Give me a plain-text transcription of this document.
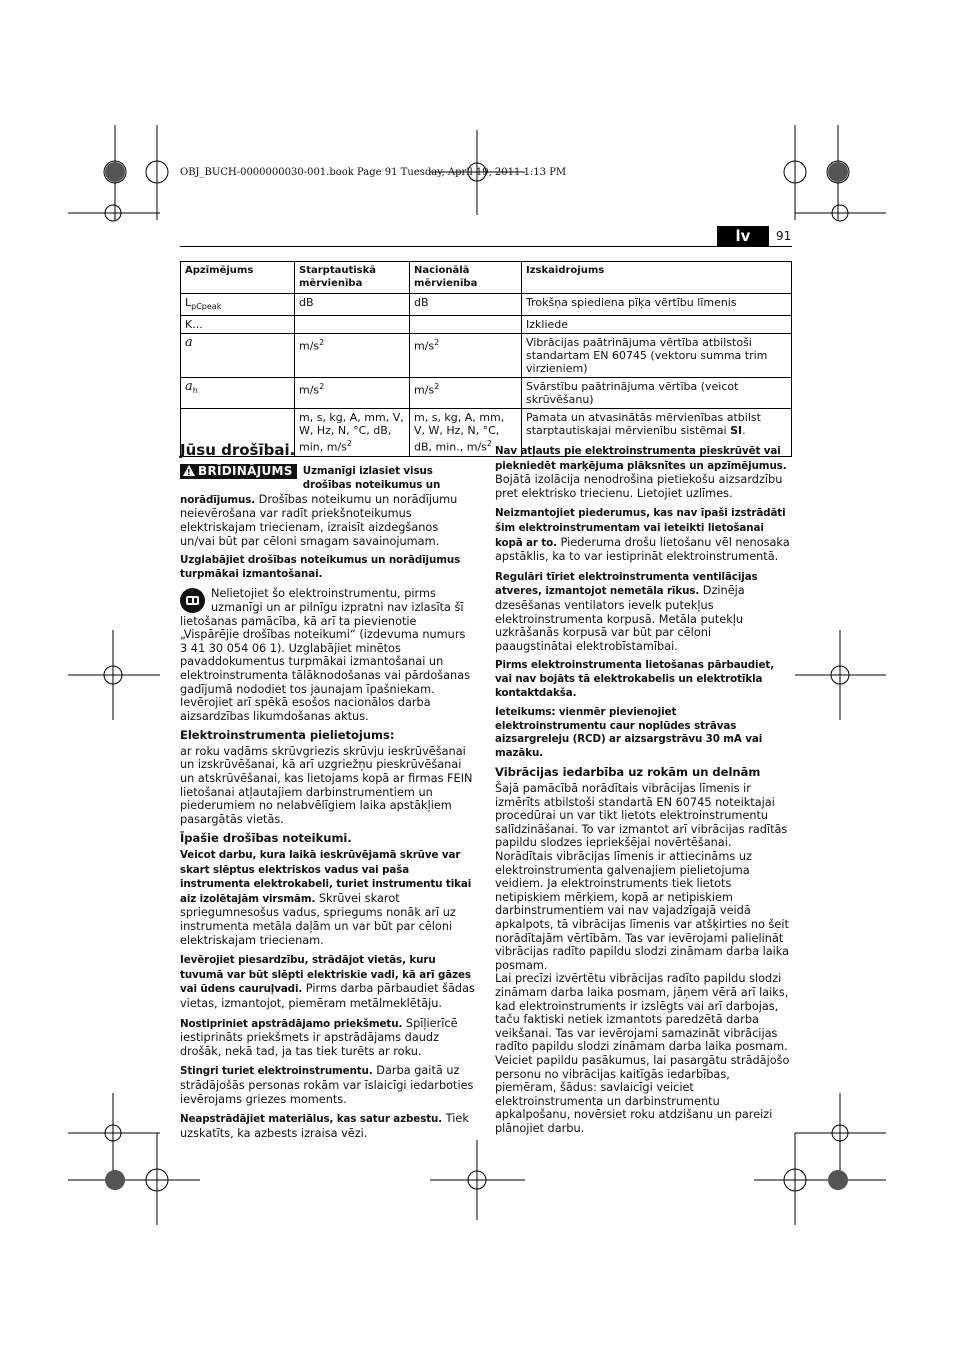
OBJ_BUCH-0000000030-001.book Page 91 Tuesday, April 19, 2011 1:13 PM
lv	91
Apzīmējums	Starptautiskā mērvienība	Nacionālā mērvienība	Izskaidrojums
$L_{pCpeak}$	dB	dB	Trokšņa spiediena pīķa vērtību līmenis
K...			Izkliede
a	$m/s^2$	$m/s^2$	Vibrācijas paātrinājuma vērtība atbilstoši standartam EN 60745 (vektoru summa trim virzieniem)
$a_h$	$m/s^2$	$m/s^2$	Svārstību paātrinājuma vērtība (veicot skrūvēšanu)
	m, s, kg, A, mm, V, W, Hz, N, °C, dB, min, $m/s^2$	m, s, kg, A, mm, V, W, Hz, N, °C, dB, min., $m/s^2$	Pamata un atvasinātās mērvienības atbilst starptautiskajai mērvienību sistēmai SI.
Jūsu drošībai.

!BRĪDINĀJUMS Uzmanīgi izlasiet visus drošības noteikumus un norādījumus. Drošības noteikumu un norādījumu neievērošana var radīt priekšnoteikumus elektriskajam triecienam, izraisīt aizdegšanos un/vai būt par cēloni smagam savainojumam.

Uzglabājiet drošības noteikumus un norādījumus turpmākai izmantošanai.

Nelietojiet šo elektroinstrumentu, pirms uzmanīgi un ar pilnīgu izpratni nav izlasīta šī lietošanas pamācība, kā arī ta pievienotie „Vispārējie drošības noteikumi“ (izdevuma numurs 3 41 30 054 06 1). Uzglabājiet minētos pavaddokumentus turpmākai izmantošanai un elektroinstrumenta tālāknodošanas vai pārdošanas gadījumā nododiet tos jaunajam īpašniekam. Ievērojiet arī spēkā esošos nacionālos darba aizsardzības likumdošanas aktus.

Elektroinstrumenta pielietojums:

ar roku vadāms skrūvgriezis skrūvju ieskrūvēšanai un izskrūvēšanai, kā arī uzgriežņu pieskrūvēšanai un atskrūvēšanai, kas lietojams kopā ar firmas FEIN lietošanai atļautajiem darbinstrumentiem un piederumiem no nelabvēlīgiem laika apstākļiem pasargātās vietās.

Īpašie drošības noteikumi.

Veicot darbu, kura laikā ieskrūvējamā skrūve var skart slēptus elektriskos vadus vai paša instrumenta elektrokabeli, turiet instrumentu tikai aiz izolētajām virsmām. Skrūvei skarot spriegumnesošus vadus, spriegums nonāk arī uz instrumenta metāla daļām un var būt par cēloni elektriskajam triecienam.

Ievērojiet piesardzību, strādājot vietās, kuru tuvumā var būt slēpti elektriskie vadi, kā arī gāzes vai ūdens cauruļvadi. Pirms darba pārbaudiet šādas vietas, izmantojot, piemēram metālmeklētāju.

Nostipriniet apstrādājamo priekšmetu. Spīļierīcē iestiprināts priekšmets ir apstrādājams daudz drošāk, nekā tad, ja tas tiek turēts ar roku.

Stingri turiet elektroinstrumentu. Darba gaitā uz strādājošās personas rokām var īslaicīgi iedarboties ievērojams griezes moments.

Neapstrādājiet materiālus, kas satur azbestu. Tiek uzskatīts, ka azbests izraisa vēzi.

Nav atļauts pie elektroinstrumenta pieskrūvēt vai piekniedēt marķējuma plāksnītes un apzīmējumus. Bojātā izolācija nenodrošina pietiekošu aizsardzību pret elektrisko triecienu. Lietojiet uzlīmes.

Neizmantojiet piederumus, kas nav īpaši izstrādāti šim elektroinstrumentam vai ieteikti lietošanai kopā ar to. Piederuma drošu lietošanu vēl nenosaka apstāklis, ka to var iestiprināt elektroinstrumentā.

Regulāri tīriet elektroinstrumenta ventilācijas atveres, izmantojot nemetāla rīkus. Dzinēja dzesēšanas ventilators ievelk putekļus elektroinstrumenta korpusā. Metāla putekļu uzkrāšanās korpusā var būt par cēloni paaugstinātai elektrobīstamībai.

Pirms elektroinstrumenta lietošanas pārbaudiet, vai nav bojāts tā elektrokabelis un elektrotīkla kontaktdakša.

Ieteikums: vienmēr pievienojiet elektroinstrumentu caur noplūdes strāvas aizsargreleju (RCD) ar aizsargstrāvu 30 mA vai mazāku.

Vibrācijas iedarbība uz rokām un delnām

Šajā pamācībā norādītais vibrācijas līmenis ir izmērīts atbilstoši standartā EN 60745 noteiktajai procedūrai un var tikt lietots elektroinstrumentu salīdzināšanai. To var izmantot arī vibrācijas radītās papildu slodzes iepriekšējai novērtēšanai.

Norādītais vibrācijas līmenis ir attiecināms uz elektroinstrumenta galvenajiem pielietojuma veidiem. Ja elektroinstruments tiek lietots netipiskiem mērķiem, kopā ar netipiskiem darbinstrumentiem vai nav vajadzīgajā veidā apkalpots, tā vibrācijas līmenis var atšķirties no šeit norādītajām vērtībām. Tas var ievērojami palielināt vibrācijas radīto papildu slodzi zināmam darba laika posmam.

Lai precīzi izvērtētu vibrācijas radīto papildu slodzi zināmam darba laika posmam, jāņem vērā arī laiks, kad elektroinstruments ir izslēgts vai arī darbojas, taču faktiski netiek izmantots paredzētā darba veikšanai. Tas var ievērojami samazināt vibrācijas radīto papildu slodzi zināmam darba laika posmam.

Veiciet papildu pasākumus, lai pasargātu strādājošo personu no vibrācijas kaitīgās iedarbības, piemēram, šādus: savlaicīgi veiciet elektroinstrumenta un darbinstrumentu apkalpošanu, novērsiet roku atdzišanu un pareizi plānojiet darbu.
